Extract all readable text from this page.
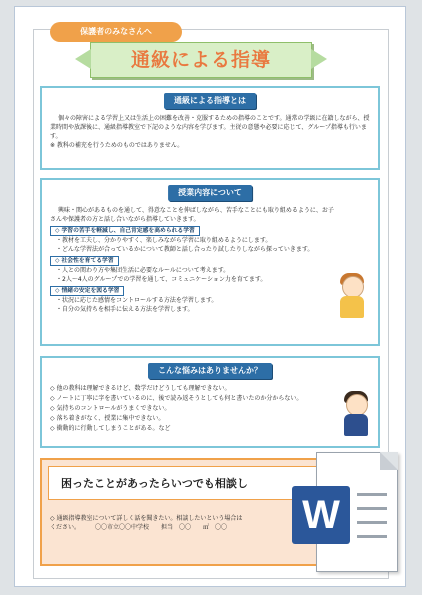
保護者のみなさんへ
通級による指導
通級による指導とは

個々の障害による学習上又は生活上の困難を改善・克服するための指導のことです。通常の学級に在籍しながら、授業時間や放課後に、通級指導教室で下記のような内容を学びます。主従の意態や必要に応じて、グループ指導も行います。

※ 教科の補充を行うためのものではありません。

授業内容について

興味・関心があるものを通して、得意なことを伸ばしながら、苦手なことにも取り組めるように、お子さんや保護者の方と話し合いながら指導していきます。

◇ 学習の苦手を軽減し、自己肯定感を高められる学習

・教材を工夫し、分かりやすく、楽しみながら学習に取り組めるようにします。

・どんな学習法が合っているかについて教師と話し合ったり試したりしながら探っていきます。

◇ 社会性を育てる学習

・人との関わり方や集団生活に必要なルールについて考えます。

・2人～4人のグループでの学習を通して、コミュニケーション力を育てます。

◇ 情緒の安定を図る学習

・状況に応じた感情をコントロールする方法を学習します。

・自分の気持ちを相手に伝える方法を学習します。

こんな悩みはありませんか？

◇ 他の教科は理解できるけど、数学だけどうしても理解できない。

◇ ノートに丁寧に字を書いているのに、後で読み返そうとしても何と書いたのか分からない。

◇ 気持ちのコントロールがうまくできない。

◇ 落ち着きがなく、授業に集中できない。

◇ 衝動的に行動してしまうことがある。など

困ったことがあったらいつでも相談し

◇ 通級指導教室について詳しく話を聞きたい。相談したいという場合は

ください。　　　〇〇市立〇〇中学校　　担当　〇〇　　㎡　〇〇	W
